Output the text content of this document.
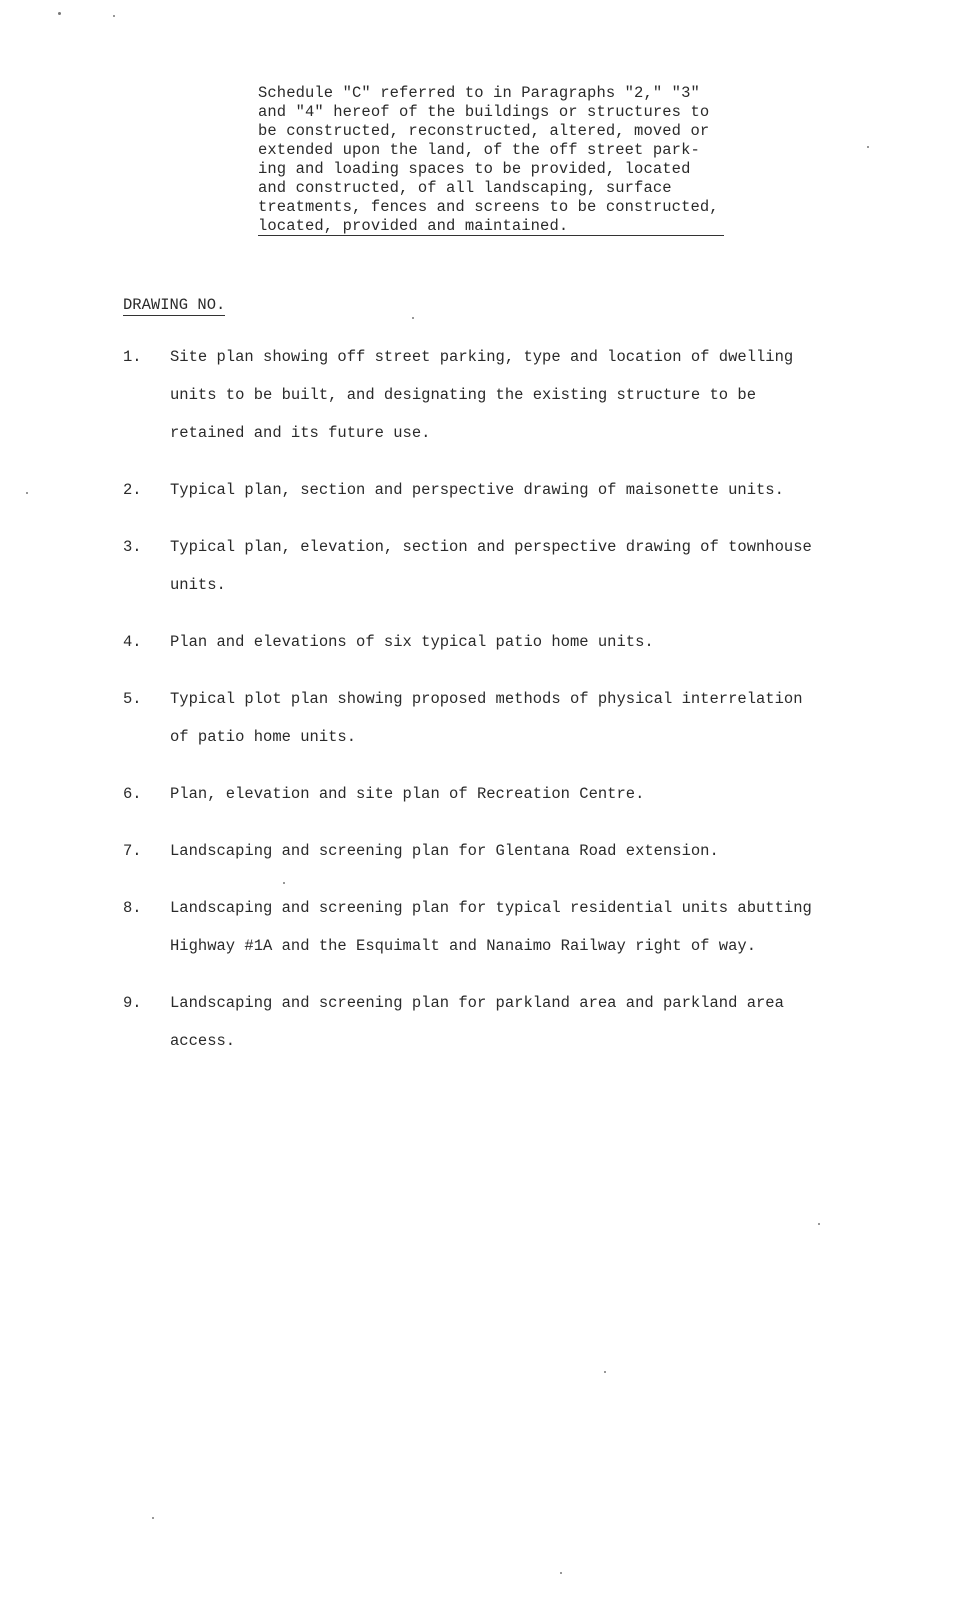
Schedule "C" referred to in Paragraphs "2," "3"
and "4" hereof of the buildings or structures to
be constructed, reconstructed, altered, moved or
extended upon the land, of the off street park-
ing and loading spaces to be provided, located
and constructed, of all landscaping, surface
treatments, fences and screens to be constructed,
located, provided and maintained.
DRAWING NO.
1.	Site plan showing off street parking, type and location of dwelling
units to be built, and designating the existing structure to be
retained and its future use.
2.	Typical plan, section and perspective drawing of maisonette units.
3.	Typical plan, elevation, section and perspective drawing of townhouse
units.
4.	Plan and elevations of six typical patio home units.
5.	Typical plot plan showing proposed methods of physical interrelation
of patio home units.
6.	Plan, elevation and site plan of Recreation Centre.
7.	Landscaping and screening plan for Glentana Road extension.
8.	Landscaping and screening plan for typical residential units abutting
Highway #1A and the Esquimalt and Nanaimo Railway right of way.
9.	Landscaping and screening plan for parkland area and parkland area
access.
